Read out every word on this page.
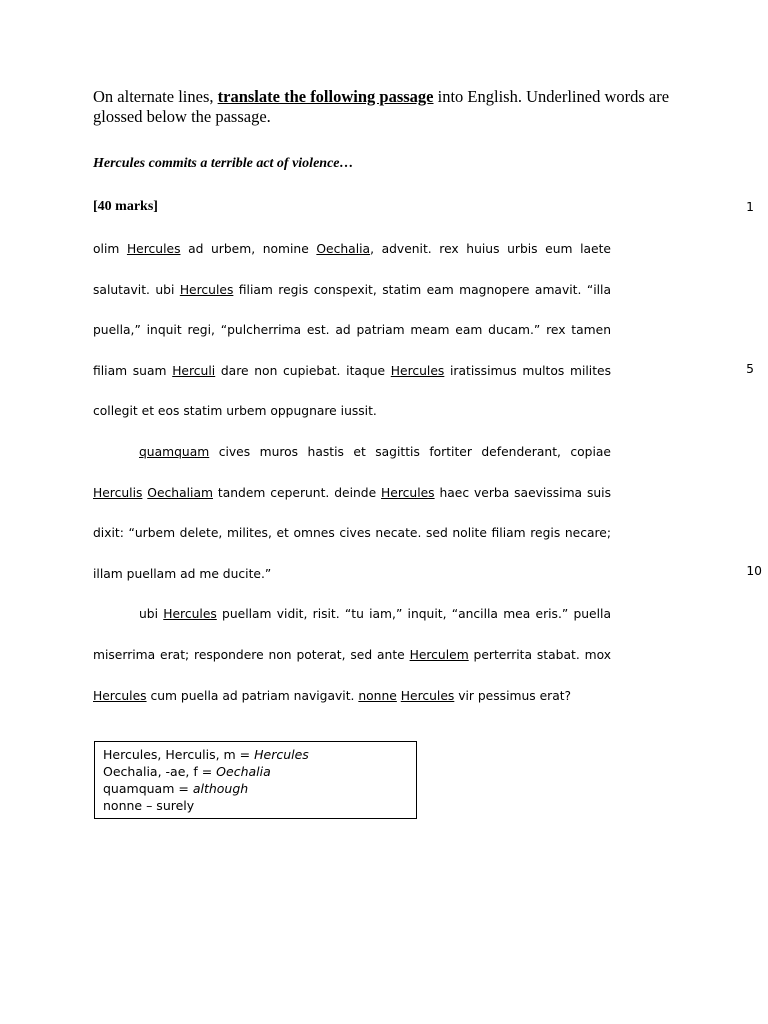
On alternate lines, translate the following passage into English. Underlined words are glossed below the passage.

Hercules commits a terrible act of violence…

[40 marks]	1
5
10
olim Hercules ad urbem, nomine Oechalia, advenit. rex huius urbis eum laete
salutavit. ubi Hercules filiam regis conspexit, statim eam magnopere amavit. “illa
puella,” inquit regi, “pulcherrima est. ad patriam meam eam ducam.” rex tamen
filiam suam Herculi dare non cupiebat. itaque Hercules iratissimus multos milites
collegit et eos statim urbem oppugnare iussit.
quamquam cives muros hastis et sagittis fortiter defenderant, copiae
Herculis Oechaliam tandem ceperunt. deinde Hercules haec verba saevissima suis
dixit: “urbem delete, milites, et omnes cives necate. sed nolite filiam regis necare;
illam puellam ad me ducite.”
ubi Hercules puellam vidit, risit. “tu iam,” inquit, “ancilla mea eris.” puella
miserrima erat; respondere non poterat, sed ante Herculem perterrita stabat. mox
Hercules cum puella ad patriam navigavit. nonne Hercules vir pessimus erat?
Hercules, Herculis, m = Hercules
Oechalia, -ae, f = Oechalia
quamquam = although
nonne – surely
